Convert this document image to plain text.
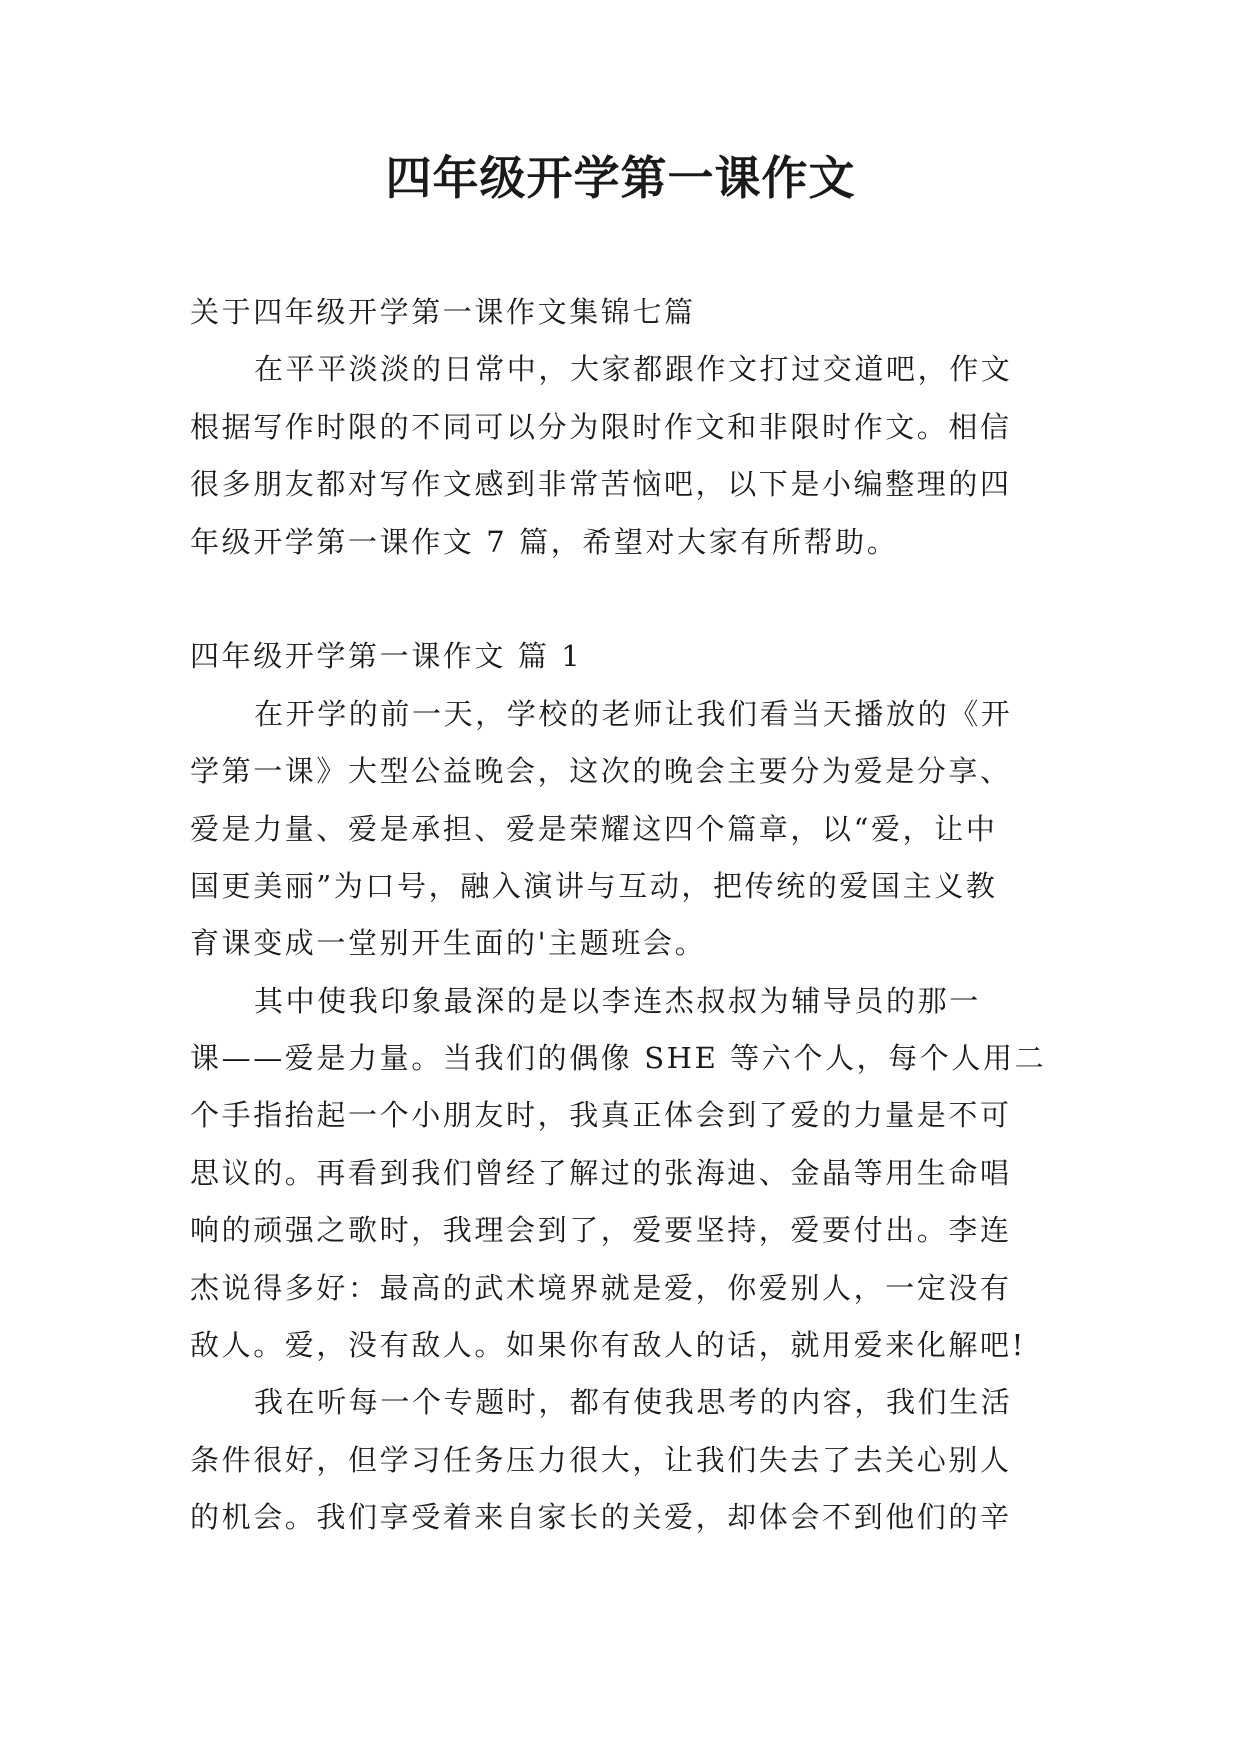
四年级开学第一课作文
关于四年级开学第一课作文集锦七篇
在平平淡淡的日常中，大家都跟作文打过交道吧，作文
根据写作时限的不同可以分为限时作文和非限时作文。相信
很多朋友都对写作文感到非常苦恼吧，以下是小编整理的四
年级开学第一课作文 7 篇，希望对大家有所帮助。
四年级开学第一课作文 篇 1
在开学的前一天，学校的老师让我们看当天播放的《开
学第一课》大型公益晚会，这次的晚会主要分为爱是分享、
爱是力量、爱是承担、爱是荣耀这四个篇章，以“爱，让中
国更美丽”为口号，融入演讲与互动，把传统的爱国主义教
育课变成一堂别开生面的'主题班会。
其中使我印象最深的是以李连杰叔叔为辅导员的那一
课——爱是力量。当我们的偶像 SHE 等六个人，每个人用二
个手指抬起一个小朋友时，我真正体会到了爱的力量是不可
思议的。再看到我们曾经了解过的张海迪、金晶等用生命唱
响的顽强之歌时，我理会到了，爱要坚持，爱要付出。李连
杰说得多好：最高的武术境界就是爱，你爱别人，一定没有
敌人。爱，没有敌人。如果你有敌人的话，就用爱来化解吧!
我在听每一个专题时，都有使我思考的内容，我们生活
条件很好，但学习任务压力很大，让我们失去了去关心别人
的机会。我们享受着来自家长的关爱，却体会不到他们的辛
